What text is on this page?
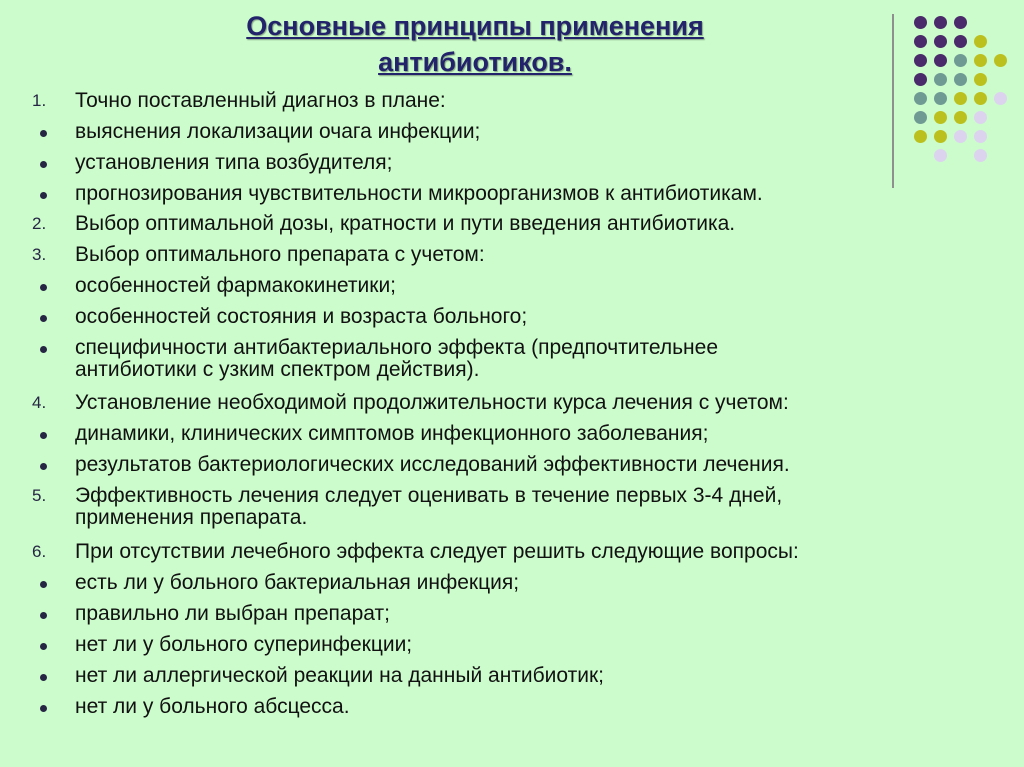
Основные принципы применения антибиотиков.
1.	Точно поставленный диагноз в плане:
выяснения локализации очага инфекции;
установления типа возбудителя;
прогнозирования чувствительности микроорганизмов к антибиотикам.
2.	Выбор оптимальной дозы, кратности и пути введения антибиотика.
3.	Выбор оптимального препарата с учетом:
особенностей фармакокинетики;
особенностей состояния и возраста больного;
специфичности антибактериального эффекта (предпочтительнее
антибиотики с узким спектром действия).
4.	Установление необходимой продолжительности курса лечения с учетом:
динамики, клинических симптомов инфекционного заболевания;
результатов бактериологических исследований эффективности лечения.
5.	Эффективность лечения следует оценивать в течение первых 3-4 дней,
применения препарата.
6.	При отсутствии лечебного эффекта следует решить следующие вопросы:
есть ли у больного бактериальная инфекция;
правильно ли выбран препарат;
нет ли у больного суперинфекции;
нет ли аллергической реакции на данный антибиотик;
нет ли у больного абсцесса.
